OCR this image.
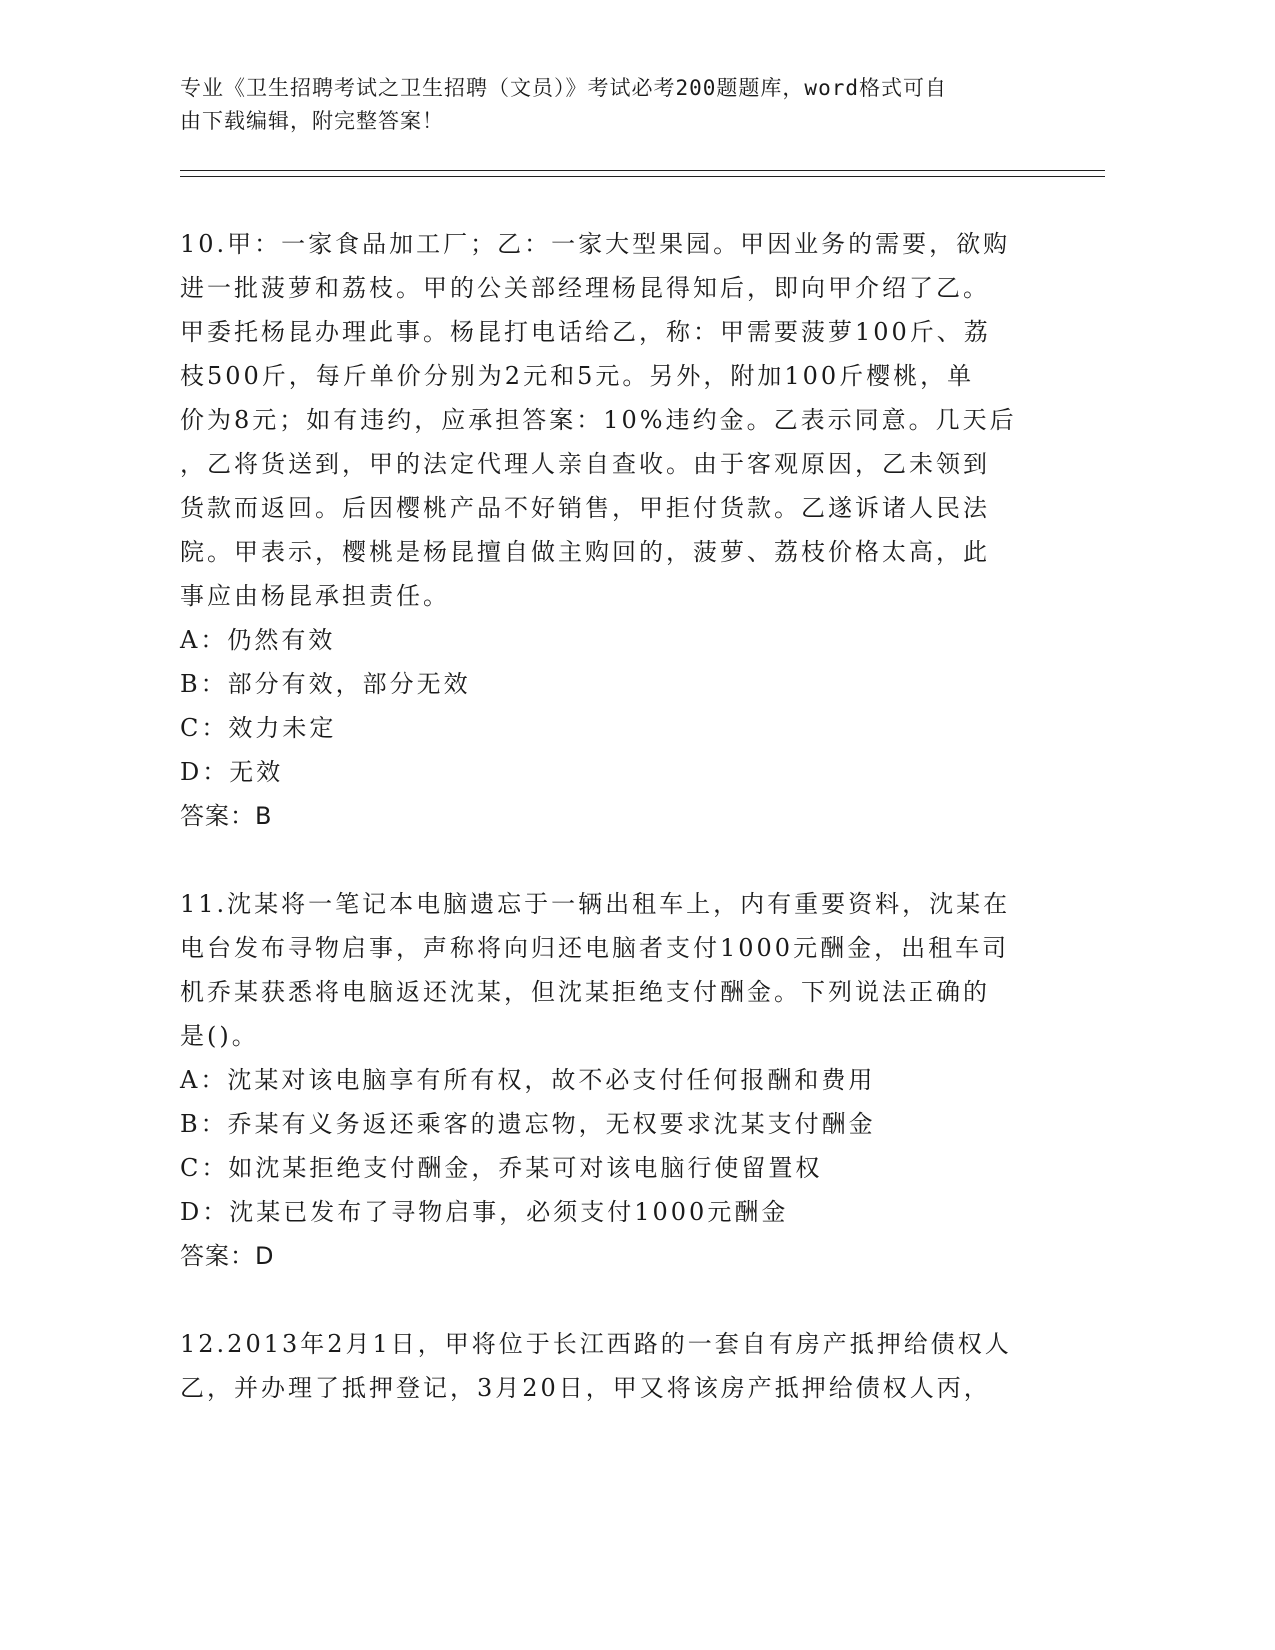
专业《卫生招聘考试之卫生招聘（文员）》考试必考200题题库，word格式可自
由下载编辑，附完整答案！

10.甲：一家食品加工厂；乙：一家大型果园。甲因业务的需要，欲购

进一批菠萝和荔枝。甲的公关部经理杨昆得知后，即向甲介绍了乙。

甲委托杨昆办理此事。杨昆打电话给乙，称：甲需要菠萝100斤、荔

枝500斤，每斤单价分别为2元和5元。另外，附加100斤樱桃，单

价为8元；如有违约，应承担答案：10%违约金。乙表示同意。几天后

，乙将货送到，甲的法定代理人亲自查收。由于客观原因，乙未领到

货款而返回。后因樱桃产品不好销售，甲拒付货款。乙遂诉诸人民法

院。甲表示，樱桃是杨昆擅自做主购回的，菠萝、荔枝价格太高，此

事应由杨昆承担责任。

A：仍然有效

B：部分有效，部分无效

C：效力未定

D：无效

答案：B

11.沈某将一笔记本电脑遗忘于一辆出租车上，内有重要资料，沈某在

电台发布寻物启事，声称将向归还电脑者支付1000元酬金，出租车司

机乔某获悉将电脑返还沈某，但沈某拒绝支付酬金。下列说法正确的

是()。

A：沈某对该电脑享有所有权，故不必支付任何报酬和费用

B：乔某有义务返还乘客的遗忘物，无权要求沈某支付酬金

C：如沈某拒绝支付酬金，乔某可对该电脑行使留置权

D：沈某已发布了寻物启事，必须支付1000元酬金

答案：D

12.2013年2月1日，甲将位于长江西路的一套自有房产抵押给债权人

乙，并办理了抵押登记，3月20日，甲又将该房产抵押给债权人丙，
